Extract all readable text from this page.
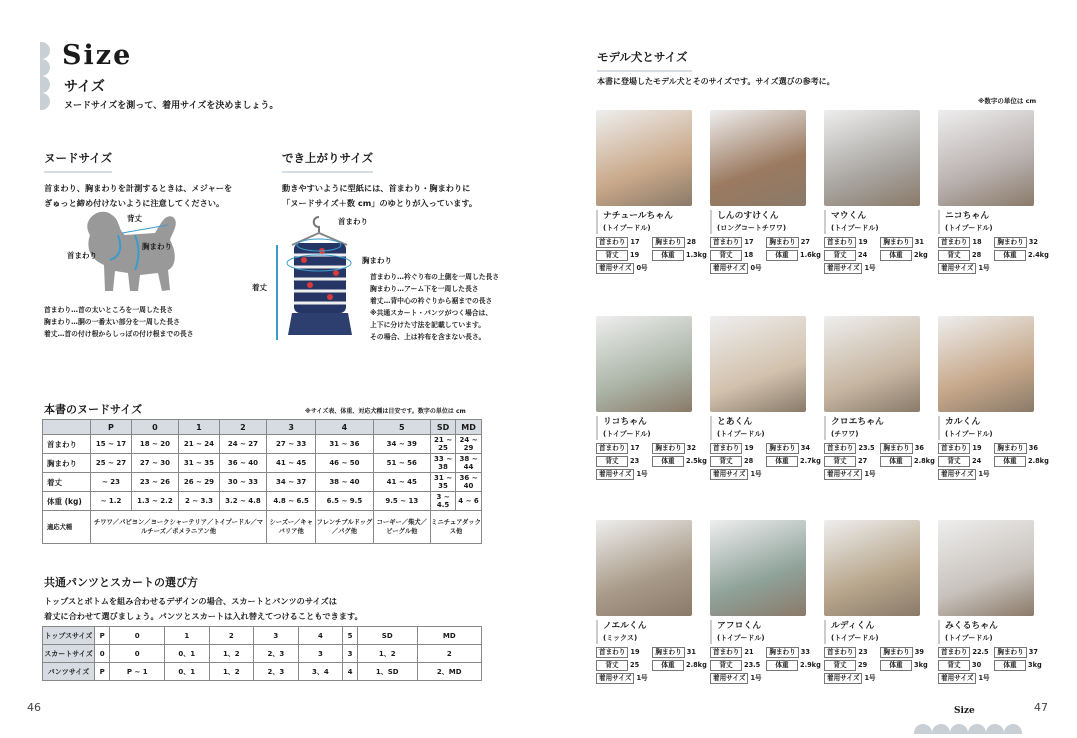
Size
サイズ
ヌードサイズを測って、着用サイズを決めましょう。
ヌードサイズ
首まわり、胸まわりを計測するときは、メジャーを
ぎゅっと締め付けないように注意してください。
背丈
首まわり
胸まわり
首まわり…首の太いところを一周した長さ
胸まわり…胴の一番太い部分を一周した長さ
着丈…首の付け根からしっぽの付け根までの長さ
でき上がりサイズ
動きやすいように型紙には、首まわり・胸まわりに
「ヌードサイズ＋数 cm」のゆとりが入っています。
着丈
首まわり
胸まわり
首まわり…衿ぐり布の上側を一周した長さ
胸まわり…アーム下を一周した長さ
着丈…背中心の衿ぐりから裾までの長さ
※共通スカート・パンツがつく場合は、
上下に分けた寸法を記載しています。
その場合、上は衿布を含まない長さ。
本書のヌードサイズ	※サイズ表、体重、対応犬種は目安です。数字の単位は cm
	P	0	1	2	3	4	5	SD	MD
首まわり	15 ~ 17	18 ~ 20	21 ~ 24	24 ~ 27	27 ~ 33	31 ~ 36	34 ~ 39	21 ~ 25	24 ~ 29
胸まわり	25 ~ 27	27 ~ 30	31 ~ 35	36 ~ 40	41 ~ 45	46 ~ 50	51 ~ 56	33 ~ 38	38 ~ 44
着丈	~ 23	23 ~ 26	26 ~ 29	30 ~ 33	34 ~ 37	38 ~ 40	41 ~ 45	31 ~ 35	36 ~ 40
体重 (kg)	~ 1.2	1.3 ~ 2.2	2 ~ 3.3	3.2 ~ 4.8	4.8 ~ 6.5	6.5 ~ 9.5	9.5 ~ 13	3 ~ 4.5	4 ~ 6
適応犬種	チワワ／パピヨン／ヨークシャーテリア／トイプードル／マルチーズ／ポメラニアン他				シーズー／キャバリア他	フレンチブルドッグ／パグ他	コーギー／柴犬／ビーグル他	ミニチュアダックス他	
共通パンツとスカートの選び方
トップスとボトムを組み合わせるデザインの場合、スカートとパンツのサイズは
着丈に合わせて選びましょう。パンツとスカートは入れ替えてつけることもできます。
トップスサイズ	P	0	1	2	3	4	5	SD	MD
スカートサイズ	0	0	0、1	1、2	2、3	3	3	1、2	2
パンツサイズ	P	P ~ 1	0、1	1、2	2、3	3、4	4	1、SD	2、MD
46
モデル犬とサイズ
本書に登場したモデル犬とそのサイズです。サイズ選びの参考に。
※数字の単位は cm
ナチュールちゃん
(トイプードル)
首まわり 17 胸まわり 28
背丈 19	体重 1.3kg
着用サイズ 0号
しんのすけくん
(ロングコートチワワ)
首まわり 17 胸まわり 27
背丈 18	体重 1.6kg
着用サイズ 0号
マウくん
(トイプードル)
首まわり 19 胸まわり 31
背丈 24	体重 2kg
着用サイズ 1号
ニコちゃん
(トイプードル)
首まわり 18 胸まわり 32
背丈 28	体重 2.4kg
着用サイズ 1号
リコちゃん
(トイプードル)
首まわり 17 胸まわり 32
背丈 23	体重 2.5kg
着用サイズ 1号
とあくん
(トイプードル)
首まわり 19 胸まわり 34
背丈 28	体重 2.7kg
着用サイズ 1号
クロエちゃん
(チワワ)
首まわり 23.5 胸まわり 36
背丈 27	体重 2.8kg
着用サイズ 1号
カルくん
(トイプードル)
首まわり 19 胸まわり 36
背丈 24	体重 2.8kg
着用サイズ 1号
ノエルくん
(ミックス)
首まわり 19 胸まわり 31
背丈 25	体重 2.8kg
着用サイズ 1号
アフロくん
(トイプードル)
首まわり 21 胸まわり 33
背丈 23.5 体重 2.9kg
着用サイズ 1号
ルディくん
(トイプードル)
首まわり 23 胸まわり 39
背丈 29	体重 3kg
着用サイズ 1号
みくるちゃん
(トイプードル)
首まわり 22.5 胸まわり 37
背丈 30	体重 3kg
着用サイズ 1号
Size	47
